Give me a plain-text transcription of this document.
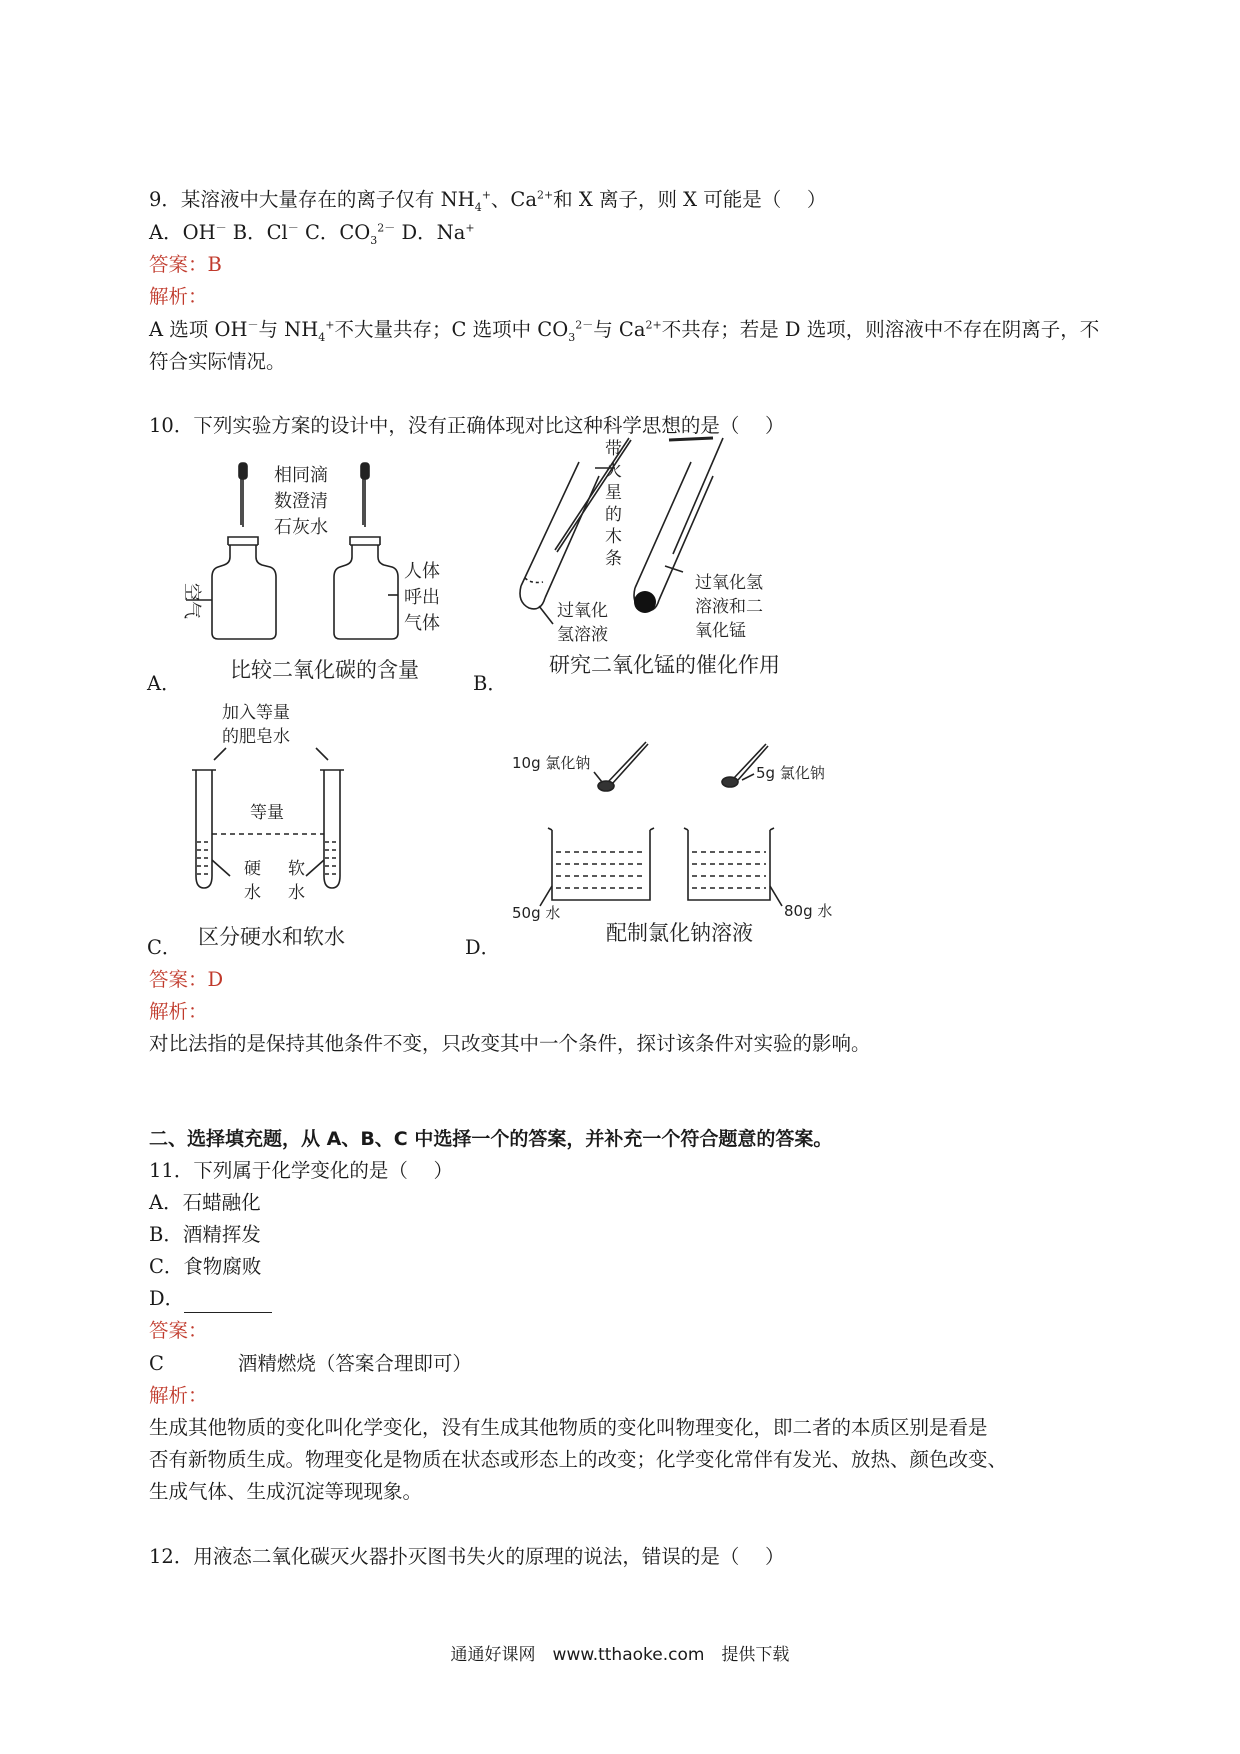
9．某溶液中大量存在的离子仅有 $NH_4^+$、$Ca^{2+}$和 X 离子，则 X 可能是（　 ）
A．OH－ B．Cl－ C．$CO_3^{2-}$ D．Na+
答案：B
解析：
A 选项 OH－与 $NH_4^+$不大量共存；C 选项中 $CO_3^{2-}$与 $Ca^{2+}$不共存；若是 D 选项，则溶液中不存在阴离子，不
符合实际情况。
10．下列实验方案的设计中，没有正确体现对比这种科学思想的是（　 ）
相同滴
数澄清
石灰水
空
气
人体
呼出
气体
比较二氧化碳的含量
A．
带
火
星
的
木
条
过氧化
氢溶液
过氧化氢
溶液和二
氧化锰
研究二氧化锰的催化作用
B．
加入等量
的肥皂水
等量
硬
水
软
水
区分硬水和软水
C．
10g 氯化钠
5g 氯化钠
50g 水	80g 水
配制氯化钠溶液
D．
答案：D
解析：
对比法指的是保持其他条件不变，只改变其中一个条件，探讨该条件对实验的影响。
二、选择填充题，从 A、B、C 中选择一个的答案，并补充一个符合题意的答案。
11．下列属于化学变化的是（　 ）
A．石蜡融化
B．酒精挥发
C．食物腐败
D．
答案：
C	酒精燃烧（答案合理即可）
解析：
生成其他物质的变化叫化学变化，没有生成其他物质的变化叫物理变化，即二者的本质区别是看是
否有新物质生成。物理变化是物质在状态或形态上的改变；化学变化常伴有发光、放热、颜色改变、
生成气体、生成沉淀等现现象。
12．用液态二氧化碳灭火器扑灭图书失火的原理的说法，错误的是（　 ）
通通好课网　www.tthaoke.com　提供下载
